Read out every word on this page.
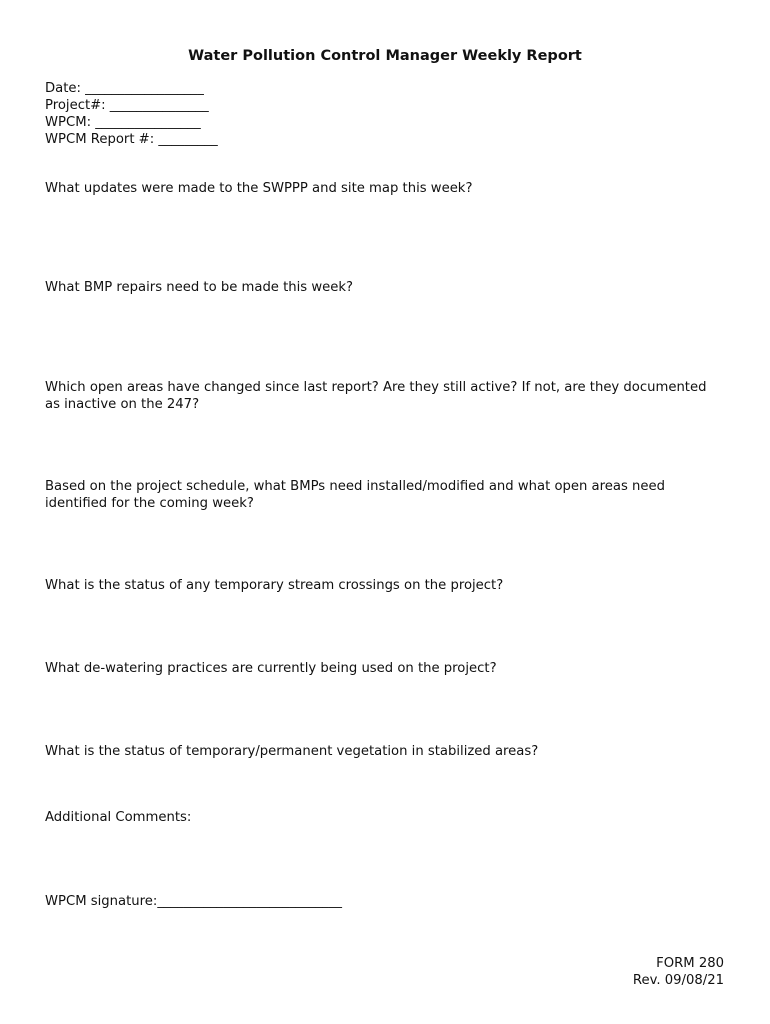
Water Pollution Control Manager Weekly Report
Date: __________________
Project#: _______________
WPCM: ________________
WPCM Report #: _________
What updates were made to the SWPPP and site map this week?
What BMP repairs need to be made this week?
Which open areas have changed since last report? Are they still active? If not, are they documented as inactive on the 247?
Based on the project schedule, what BMPs need installed/modified and what open areas need identified for the coming week?
What is the status of any temporary stream crossings on the project?
What de-watering practices are currently being used on the project?
What is the status of temporary/permanent vegetation in stabilized areas?
Additional Comments:
WPCM signature:____________________________
FORM 280
Rev. 09/08/21
